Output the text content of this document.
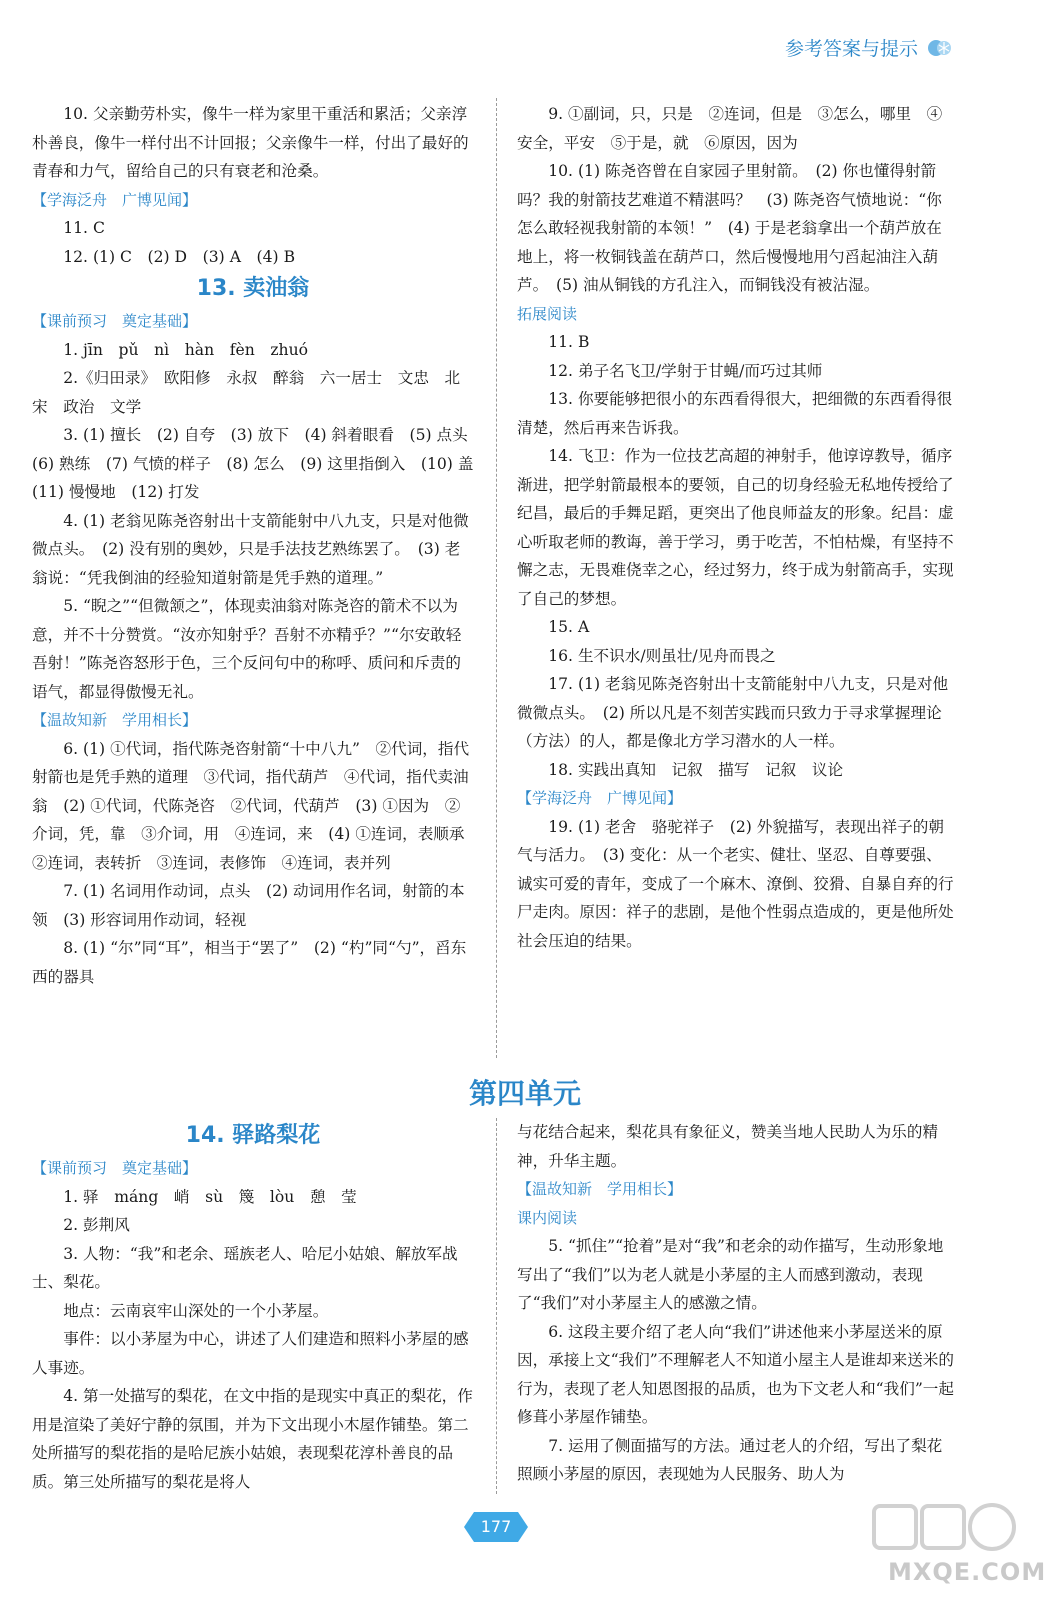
参考答案与提示

10. 父亲勤劳朴实，像牛一样为家里干重活和累活；父亲淳朴善良，像牛一样付出不计回报；父亲像牛一样，付出了最好的青春和力气，留给自己的只有衰老和沧桑。

【学海泛舟　广博见闻】

11. C

12. (1) C　(2) D　(3) A　(4) B

13. 卖油翁

【课前预习　奠定基础】

1. jīn　pǔ　nì　hàn　fèn　zhuó

2.《归田录》　欧阳修　永叔　醉翁　六一居士　文忠　北宋　政治　文学

3. (1) 擅长　(2) 自夸　(3) 放下　(4) 斜着眼看　(5) 点头　(6) 熟练　(7) 气愤的样子　(8) 怎么　(9) 这里指倒入　(10) 盖　(11) 慢慢地　(12) 打发

4. (1) 老翁见陈尧咨射出十支箭能射中八九支，只是对他微微点头。　(2) 没有别的奥妙，只是手法技艺熟练罢了。　(3) 老翁说：“凭我倒油的经验知道射箭是凭手熟的道理。”

5. “睨之”“但微颔之”，体现卖油翁对陈尧咨的箭术不以为意，并不十分赞赏。“汝亦知射乎？吾射不亦精乎？”“尔安敢轻吾射！”陈尧咨怒形于色，三个反问句中的称呼、质问和斥责的语气，都显得傲慢无礼。

【温故知新　学用相长】

6. (1) ①代词，指代陈尧咨射箭“十中八九”　②代词，指代射箭也是凭手熟的道理　③代词，指代葫芦　④代词，指代卖油翁　(2) ①代词，代陈尧咨　②代词，代葫芦　(3) ①因为　②介词，凭，靠　③介词，用　④连词，来　(4) ①连词，表顺承　②连词，表转折　③连词，表修饰　④连词，表并列

7. (1) 名词用作动词，点头　(2) 动词用作名词，射箭的本领　(3) 形容词用作动词，轻视

8. (1) “尔”同“耳”，相当于“罢了”　(2) “杓”同“勺”，舀东西的器具

9. ①副词，只，只是　②连词，但是　③怎么，哪里　④安全，平安　⑤于是，就　⑥原因，因为

10. (1) 陈尧咨曾在自家园子里射箭。　(2) 你也懂得射箭吗？我的射箭技艺难道不精湛吗？　(3) 陈尧咨气愤地说：“你怎么敢轻视我射箭的本领！”　(4) 于是老翁拿出一个葫芦放在地上，将一枚铜钱盖在葫芦口，然后慢慢地用勺舀起油注入葫芦。　(5) 油从铜钱的方孔注入，而铜钱没有被沾湿。

拓展阅读

11. B

12. 弟子名飞卫/学射于甘蝇/而巧过其师

13. 你要能够把很小的东西看得很大，把细微的东西看得很清楚，然后再来告诉我。

14. 飞卫：作为一位技艺高超的神射手，他谆谆教导，循序渐进，把学射箭最根本的要领，自己的切身经验无私地传授给了纪昌，最后的手舞足蹈，更突出了他良师益友的形象。纪昌：虚心听取老师的教诲，善于学习，勇于吃苦，不怕枯燥，有坚持不懈之志，无畏难侥幸之心，经过努力，终于成为射箭高手，实现了自己的梦想。

15. A

16. 生不识水/则虽壮/见舟而畏之

17. (1) 老翁见陈尧咨射出十支箭能射中八九支，只是对他微微点头。　(2) 所以凡是不刻苦实践而只致力于寻求掌握理论（方法）的人，都是像北方学习潜水的人一样。

18. 实践出真知　记叙　描写　记叙　议论

【学海泛舟　广博见闻】

19. (1) 老舍　骆驼祥子　(2) 外貌描写，表现出祥子的朝气与活力。　(3) 变化：从一个老实、健壮、坚忍、自尊要强、诚实可爱的青年，变成了一个麻木、潦倒、狡猾、自暴自弃的行尸走肉。原因：祥子的悲剧，是他个性弱点造成的，更是他所处社会压迫的结果。

第四单元
14. 驿路梨花

【课前预习　奠定基础】

1. 驿　máng　峭　sù　篾　lòu　憩　莹

2. 彭荆风

3. 人物：“我”和老余、瑶族老人、哈尼小姑娘、解放军战士、梨花。

地点：云南哀牢山深处的一个小茅屋。

事件：以小茅屋为中心，讲述了人们建造和照料小茅屋的感人事迹。

4. 第一处描写的梨花，在文中指的是现实中真正的梨花，作用是渲染了美好宁静的氛围，并为下文出现小木屋作铺垫。第二处所描写的梨花指的是哈尼族小姑娘，表现梨花淳朴善良的品质。第三处所描写的梨花是将人

与花结合起来，梨花具有象征义，赞美当地人民助人为乐的精神，升华主题。

【温故知新　学用相长】

课内阅读

5. “抓住”“抢着”是对“我”和老余的动作描写，生动形象地写出了“我们”以为老人就是小茅屋的主人而感到激动，表现了“我们”对小茅屋主人的感激之情。

6. 这段主要介绍了老人向“我们”讲述他来小茅屋送米的原因，承接上文“我们”不理解老人不知道小屋主人是谁却来送米的行为，表现了老人知恩图报的品质，也为下文老人和“我们”一起修葺小茅屋作铺垫。

7. 运用了侧面描写的方法。通过老人的介绍，写出了梨花照顾小茅屋的原因，表现她为人民服务、助人为

177
MXQE.COM
